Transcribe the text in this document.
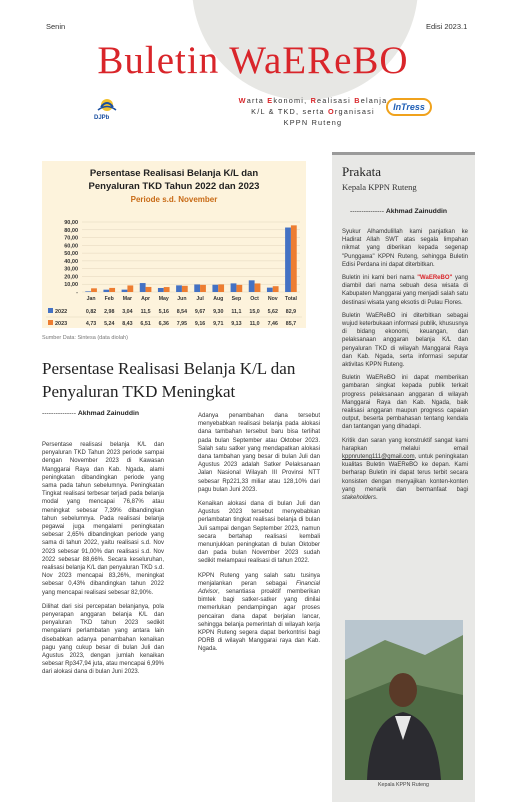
Senin	Edisi 2023.1
Buletin WaEReBO
Warta Ekonomi, Realisasi Belanja
K/L & TKD, serta Organisasi
KPPN Ruteng
DJPb
InTress
Persentase Realisasi Belanja K/L dan
Penyaluran TKD Tahun 2022 dan 2023
Periode s.d. November
-
10,00
20,00
30,00
40,00
50,00
60,00
70,00
80,00
90,00
Jan Feb Mar Apr May Jun Jul Aug Sep Oct Nov Total
2022	0,82 2,98 3,04 11,5 5,16 8,54 9,67 9,30 11,1 15,0 5,62 82,9
2023	4,73 5,24 8,43 6,51 6,36 7,95 9,16 9,71 9,13 11,0 7,46 85,7
Sumber Data: Sintesa (data diolah)
Prakata
Kepala KPPN Ruteng
--------------- Akhmad Zainuddin

Syukur Alhamdulillah kami panjatkan ke Hadirat Allah SWT atas segala limpahan nikmat yang diberikan kepada segenap "Punggawa" KPPN Ruteng, sehingga Buletin Edisi Perdana ini dapat diterbitkan.

Buletin ini kami beri nama "WaEReBO" yang diambil dari nama sebuah desa wisata di Kabupaten Manggarai yang menjadi salah satu destinasi wisata yang eksotis di Pulau Flores.

Buletin WaEReBO ini diterbitkan sebagai wujud keterbukaan informasi publik, khususnya di bidang ekonomi, keuangan, dan pelaksanaan anggaran belanja K/L dan penyaluran TKD di wilayah Manggarai Raya dan Kab. Ngada, serta informasi seputar aktivitas KPPN Ruteng.

Buletin WaEReBO ini dapat memberikan gambaran singkat kepada publik terkait progress pelaksanaan anggaran di wilayah Manggarai Raya dan Kab. Ngada, baik realisasi anggaran maupun progress capaian output, beserta pembahasan tentang kendala dan tantangan yang dihadapi.

Kritik dan saran yang konstruktif sangat kami harapkan melalui email kppnruteng111@gmail.com, untuk peningkatan kualitas Buletin WaEReBO ke depan. Kami berharap Buletin ini dapat terus terbit secara konsisten dengan menyajikan konten-konten yang menarik dan bermanfaat bagi stakeholders.

Kepala KPPN Ruteng
Persentase Realisasi Belanja K/L dan Penyaluran TKD Meningkat
--------------- Akhmad Zainuddin

Persentase realisasi belanja K/L dan penyaluran TKD Tahun 2023 periode sampai dengan November 2023 di Kawasan Manggarai Raya dan Kab. Ngada, alami peningkatan dibandingkan periode yang sama pada tahun sebelumnya. Peningkatan Tingkat realisasi terbesar terjadi pada belanja modal yang mencapai 76,87% atau meningkat sebesar 7,39% dibandingkan tahun sebelumnya. Pada realisasi belanja pegawai juga mengalami peningkatan sebesar 2,65% dibandingkan periode yang sama di tahun 2022, yaitu realisasi s.d. Nov 2023 sebesar 91,00% dan realisasi s.d. Nov 2022 sebesar 88,66%. Secara keseluruhan, realisasi belanja K/L dan penyaluran TKD s.d. Nov 2023 mencapai 83,26%, meningkat sebesar 0,43% dibandingkan tahun 2022 yang mencapai realisasi sebesar 82,90%.

Dilihat dari sisi percepatan belanjanya, pola penyerapan anggaran belanja K/L dan penyaluran TKD tahun 2023 sedikit mengalami perlambatan yang antara lain disebabkan adanya penambahan kenaikan pagu yang cukup besar di bulan Juli dan Agustus 2023, dengan jumlah kenaikan sebesar Rp347,94 juta, atau mencapai 6,99% dari alokasi dana di bulan Juni 2023.

Adanya penambahan dana tersebut menyebabkan realisasi belanja pada alokasi dana tambahan tersebut baru bisa terlihat pada bulan September atau Oktober 2023. Salah satu satker yang mendapatkan alokasi dana tambahan yang besar di bulan Juli dan Agustus 2023 adalah Satker Pelaksanaan Jalan Nasional Wilayah III Provinsi NTT sebesar Rp221,33 miliar atau 128,10% dari pagu bulan Juni 2023.

Kenaikan alokasi dana di bulan Juli dan Agustus 2023 tersebut menyebabkan perlambatan tingkat realisasi belanja di bulan Juli sampai dengan September 2023, namun secara bertahap realisasi kembali menunjukkan peningkatan di bulan Oktober dan pada bulan November 2023 sudah sedikit melampaui realisasi di tahun 2022.

KPPN Ruteng yang salah satu tusinya menjalankan peran sebagai Financial Advisor, senantiasa proaktif memberikan bimtek bagi satker-satker yang dinilai memerlukan pendampingan agar proses pencairan dana dapat berjalan lancar, sehingga belanja pemerintah di wilayah kerja KPPN Ruteng segera dapat berkontrisi bagi PDRB di wilayah Manggarai raya dan Kab. Ngada.
